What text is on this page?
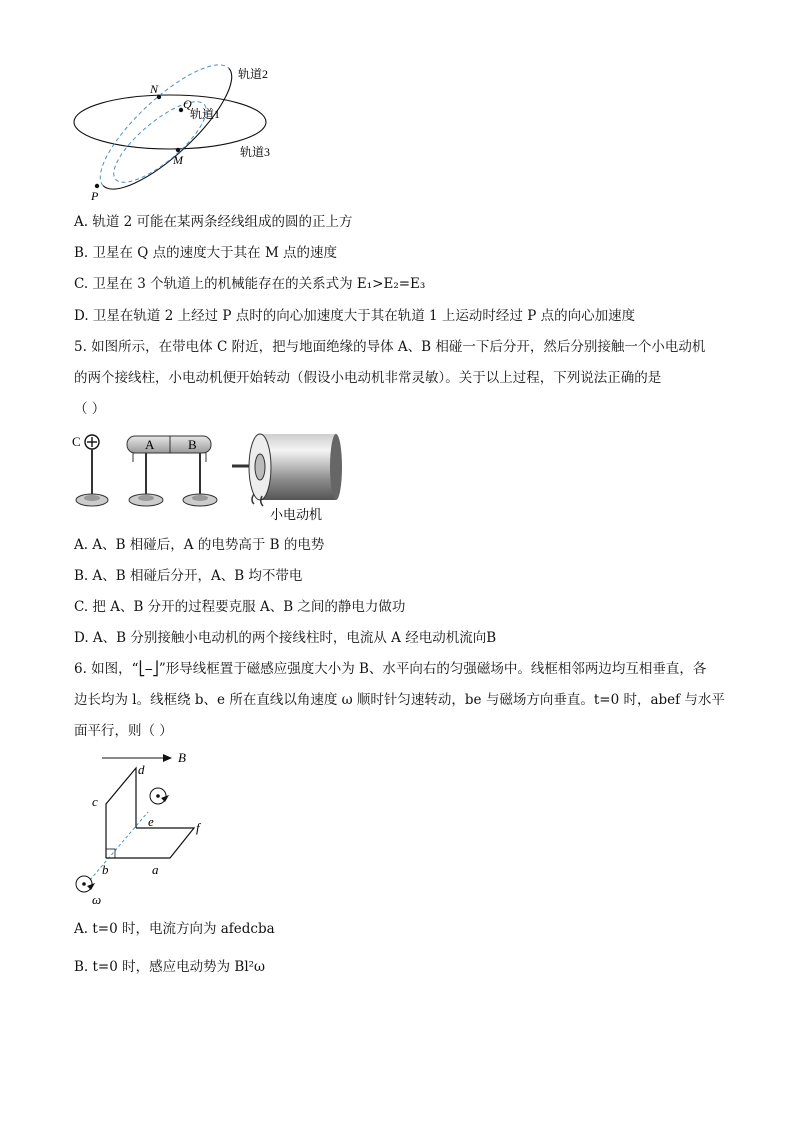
N
Q
M
P
轨道1
轨道2
轨道3
A. 轨道 2 可能在某两条经线组成的圆的正上方
B. 卫星在 Q 点的速度大于其在 M 点的速度
C. 卫星在 3 个轨道上的机械能存在的关系式为 E₁>E₂=E₃
D. 卫星在轨道 2 上经过 P 点时的向心加速度大于其在轨道 1 上运动时经过 P 点的向心加速度
5. 如图所示，在带电体 C 附近，把与地面绝缘的导体 A、B 相碰一下后分开，然后分别接触一个小电动机
的两个接线柱，小电动机便开始转动（假设小电动机非常灵敏）。关于以上过程，下列说法正确的是
（ ）
C	A	B
小电动机
A. A、B 相碰后，A 的电势高于 B 的电势
B. A、B 相碰后分开，A、B 均不带电
C. 把 A、B 分开的过程要克服 A、B 之间的静电力做功
D. A、B 分别接触小电动机的两个接线柱时，电流从 A 经电动机流向B
6. 如图，“⎣⎯⎦”形导线框置于磁感应强度大小为 B、水平向右的匀强磁场中。线框相邻两边均互相垂直，各
边长均为 l。线框绕 b、e 所在直线以角速度 ω 顺时针匀速转动，be 与磁场方向垂直。t=0 时，abef 与水平
面平行，则（ ）
B
c
d
e	f
b	a
ω
A. t=0 时，电流方向为 afedcba
B. t=0 时，感应电动势为 Bl²ω
